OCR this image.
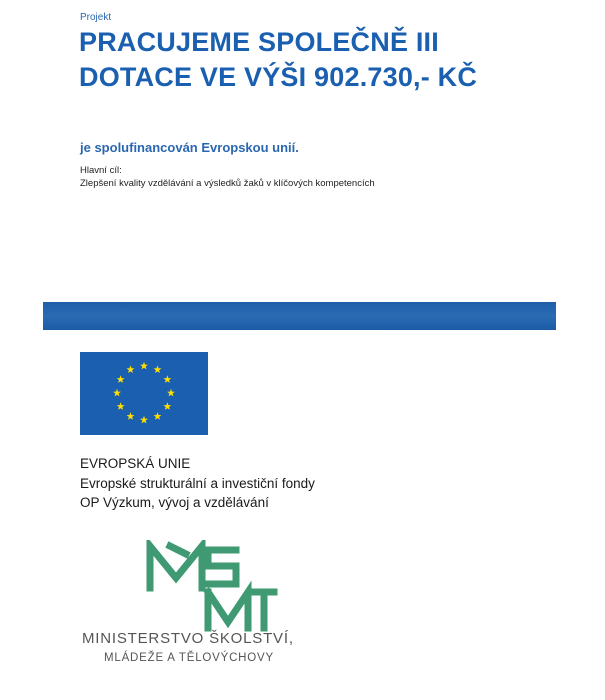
Projekt
PRACUJEME SPOLEČNĚ III DOTACE VE VÝŠI 902.730,- KČ
je spolufinancován Evropskou unií.
Hlavní cíl:
Zlepšení kvality vzdělávání a výsledků žaků v klíčových kompetencích
EVROPSKÁ UNIE
Evropské strukturální a investiční fondy
OP Výzkum, vývoj a vzdělávání
MINISTERSTVO ŠKOLSTVÍ,
MLÁDEŽE A TĚLOVÝCHOVY
